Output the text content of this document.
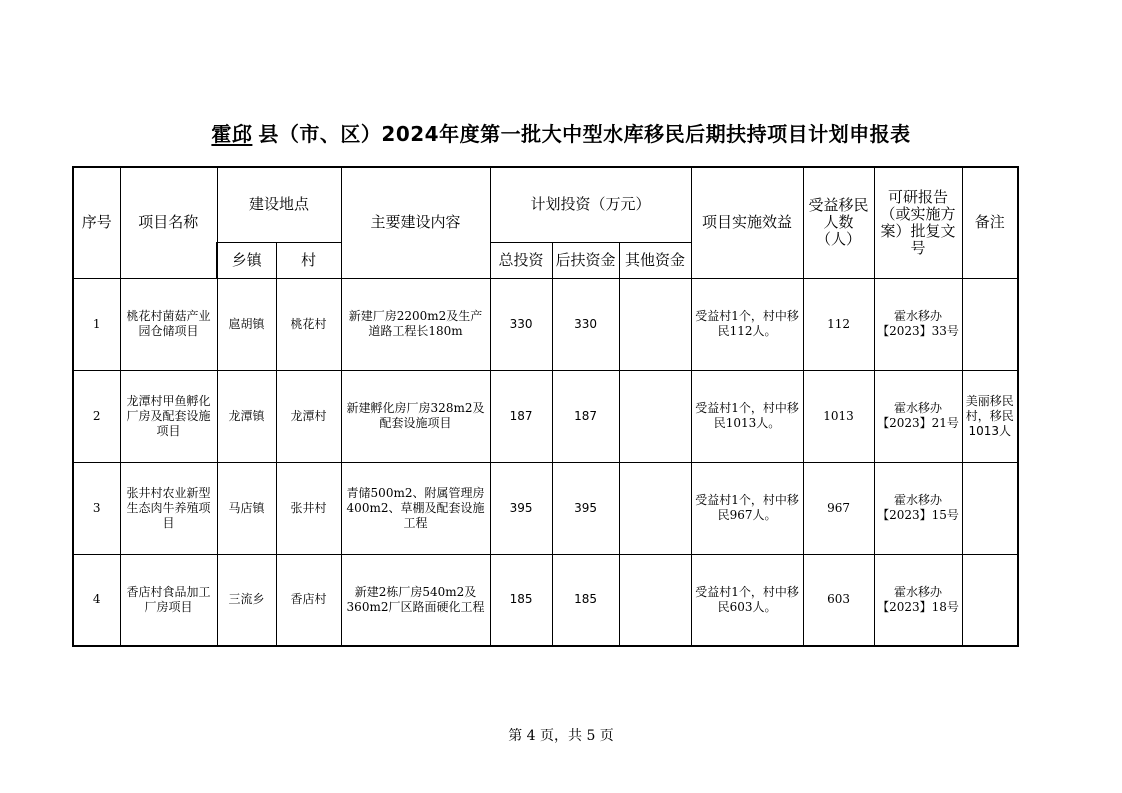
霍邱 县（市、区）2024年度第一批大中型水库移民后期扶持项目计划申报表
序号	项目名称	建设地点		主要建设内容	计划投资（万元）			项目实施效益	受益移民人数（人）	可研报告（或实施方案）批复文号	备注
		乡镇	村		总投资	后扶资金	其他资金				
1	桃花村菌菇产业园仓储项目	扈胡镇	桃花村	新建厂房2200m2及生产道路工程长180m	330	330		受益村1个，村中移民112人。	112	霍水移办【2023】33号	
2	龙潭村甲鱼孵化厂房及配套设施项目	龙潭镇	龙潭村	新建孵化房厂房328m2及配套设施项目	187	187		受益村1个，村中移民1013人。	1013	霍水移办【2023】21号	美丽移民村，移民1013人
3	张井村农业新型生态肉牛养殖项目	马店镇	张井村	青储500m2、附属管理房400m2、草棚及配套设施工程	395	395		受益村1个，村中移民967人。	967	霍水移办【2023】15号	
4	香店村食品加工厂房项目	三流乡	香店村	新建2栋厂房540m2及360m2厂区路面硬化工程	185	185		受益村1个，村中移民603人。	603	霍水移办【2023】18号	
第 4 页，共 5 页
